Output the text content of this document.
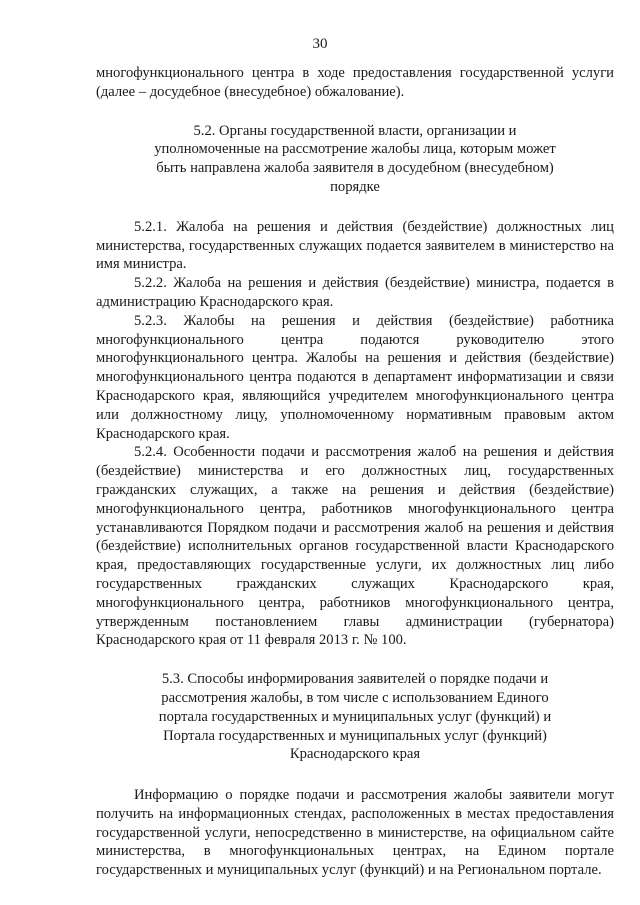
30

многофункционального центра в ходе предоставления государственной услуги (далее – досудебное (внесудебное) обжалование).

5.2. Органы государственной власти, организации и уполномоченные на рассмотрение жалобы лица, которым может быть направлена жалоба заявителя в досудебном (внесудебном) порядке

5.2.1. Жалоба на решения и действия (бездействие) должностных лиц министерства, государственных служащих подается заявителем в министерство на имя министра.

5.2.2. Жалоба на решения и действия (бездействие) министра, подается в администрацию Краснодарского края.

5.2.3. Жалобы на решения и действия (бездействие) работника многофункционального центра подаются руководителю этого многофункционального центра. Жалобы на решения и действия (бездействие) многофункционального центра подаются в департамент информатизации и связи Краснодарского края, являющийся учредителем многофункционального центра или должностному лицу, уполномоченному нормативным правовым актом Краснодарского края.

5.2.4. Особенности подачи и рассмотрения жалоб на решения и действия (бездействие) министерства и его должностных лиц, государственных гражданских служащих, а также на решения и действия (бездействие) многофункционального центра, работников многофункционального центра устанавливаются Порядком подачи и рассмотрения жалоб на решения и действия (бездействие) исполнительных органов государственной власти Краснодарского края, предоставляющих государственные услуги, их должностных лиц либо государственных гражданских служащих Краснодарского края, многофункционального центра, работников многофункционального центра, утвержденным постановлением главы администрации (губернатора) Краснодарского края от 11 февраля 2013 г. № 100.

5.3. Способы информирования заявителей о порядке подачи и рассмотрения жалобы, в том числе с использованием Единого портала государственных и муниципальных услуг (функций) и Портала государственных и муниципальных услуг (функций) Краснодарского края

Информацию о порядке подачи и рассмотрения жалобы заявители могут получить на информационных стендах, расположенных в местах предоставления государственной услуги, непосредственно в министерстве, на официальном сайте министерства, в многофункциональных центрах, на Едином портале государственных и муниципальных услуг (функций) и на Региональном портале.
